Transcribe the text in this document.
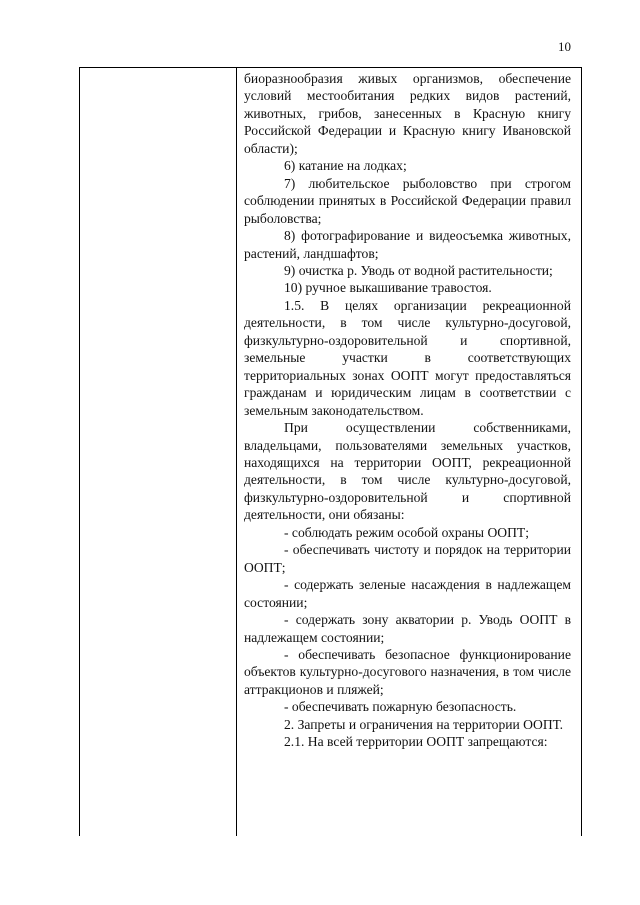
10

биоразнообразия живых организмов, обеспечение условий местообитания редких видов растений, животных, грибов, занесенных в Красную книгу Российской Федерации и Красную книгу Ивановской области);

6) катание на лодках;

7) любительское рыболовство при строгом соблюдении принятых в Российской Федерации правил рыболовства;

8) фотографирование и видеосъемка животных, растений, ландшафтов;

9) очистка р. Уводь от водной растительности;

10) ручное выкашивание травостоя.

1.5. В целях организации рекреационной деятельности, в том числе культурно-досуговой, физкультурно-оздоровительной и спортивной, земельные участки в соответствующих территориальных зонах ООПТ могут предоставляться гражданам и юридическим лицам в соответствии с земельным законодательством.

При осуществлении собственниками, владельцами, пользователями земельных участков, находящихся на территории ООПТ, рекреационной деятельности, в том числе культурно-досуговой, физкультурно-оздоровительной и спортивной деятельности, они обязаны:

- соблюдать режим особой охраны ООПТ;

- обеспечивать чистоту и порядок на территории ООПТ;

- содержать зеленые насаждения в надлежащем состоянии;

- содержать зону акватории р. Уводь ООПТ в надлежащем состоянии;

- обеспечивать безопасное функционирование объектов культурно-досугового назначения, в том числе аттракционов и пляжей;

- обеспечивать пожарную безопасность.

2. Запреты и ограничения на территории ООПТ.

2.1. На всей территории ООПТ запрещаются:
